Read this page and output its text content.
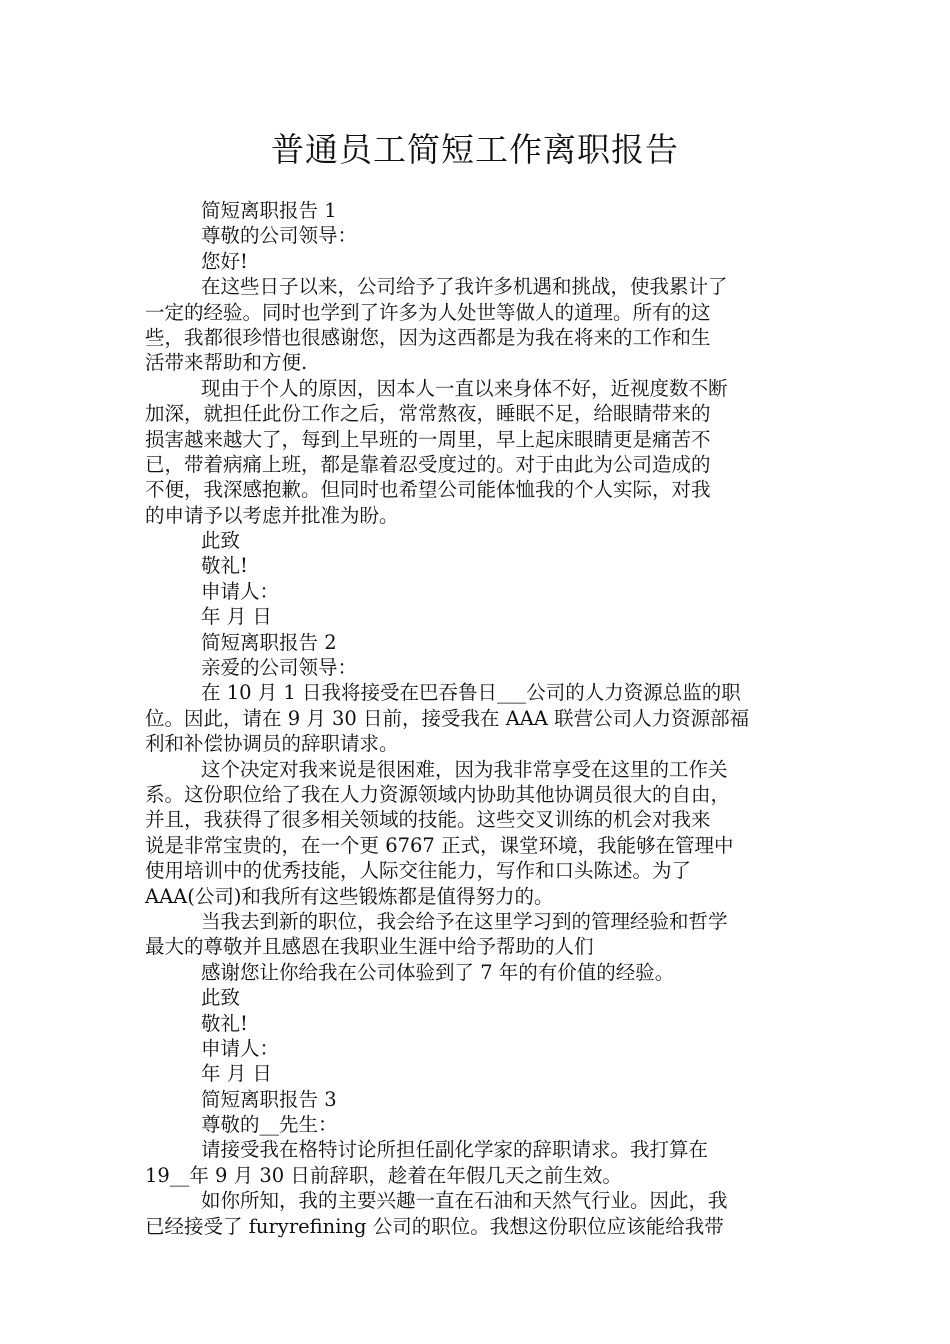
普通员工简短工作离职报告
简短离职报告 1
尊敬的公司领导：
您好!
在这些日子以来，公司给予了我许多机遇和挑战，使我累计了
一定的经验。同时也学到了许多为人处世等做人的道理。所有的这
些，我都很珍惜也很感谢您，因为这西都是为我在将来的工作和生
活带来帮助和方便.
现由于个人的原因，因本人一直以来身体不好，近视度数不断
加深，就担任此份工作之后，常常熬夜，睡眠不足，给眼睛带来的
损害越来越大了，每到上早班的一周里，早上起床眼睛更是痛苦不
已，带着病痛上班，都是靠着忍受度过的。对于由此为公司造成的
不便，我深感抱歉。但同时也希望公司能体恤我的个人实际，对我
的申请予以考虑并批准为盼。
此致
敬礼!
申请人：
年 月 日
简短离职报告 2
亲爱的公司领导：
在 10 月 1 日我将接受在巴吞鲁日___公司的人力资源总监的职
位。因此，请在 9 月 30 日前，接受我在 AAA 联营公司人力资源部福
利和补偿协调员的辞职请求。
这个决定对我来说是很困难，因为我非常享受在这里的工作关
系。这份职位给了我在人力资源领域内协助其他协调员很大的自由，
并且，我获得了很多相关领域的技能。这些交叉训练的机会对我来
说是非常宝贵的，在一个更 6767 正式，课堂环境，我能够在管理中
使用培训中的优秀技能，人际交往能力，写作和口头陈述。为了
AAA(公司)和我所有这些锻炼都是值得努力的。
当我去到新的职位，我会给予在这里学习到的管理经验和哲学
最大的尊敬并且感恩在我职业生涯中给予帮助的人们
感谢您让你给我在公司体验到了 7 年的有价值的经验。
此致
敬礼!
申请人：
年 月 日
简短离职报告 3
尊敬的__先生：
请接受我在格特讨论所担任副化学家的辞职请求。我打算在
19__年 9 月 30 日前辞职，趁着在年假几天之前生效。
如你所知，我的主要兴趣一直在石油和天然气行业。因此，我
已经接受了 furyrefining 公司的职位。我想这份职位应该能给我带
